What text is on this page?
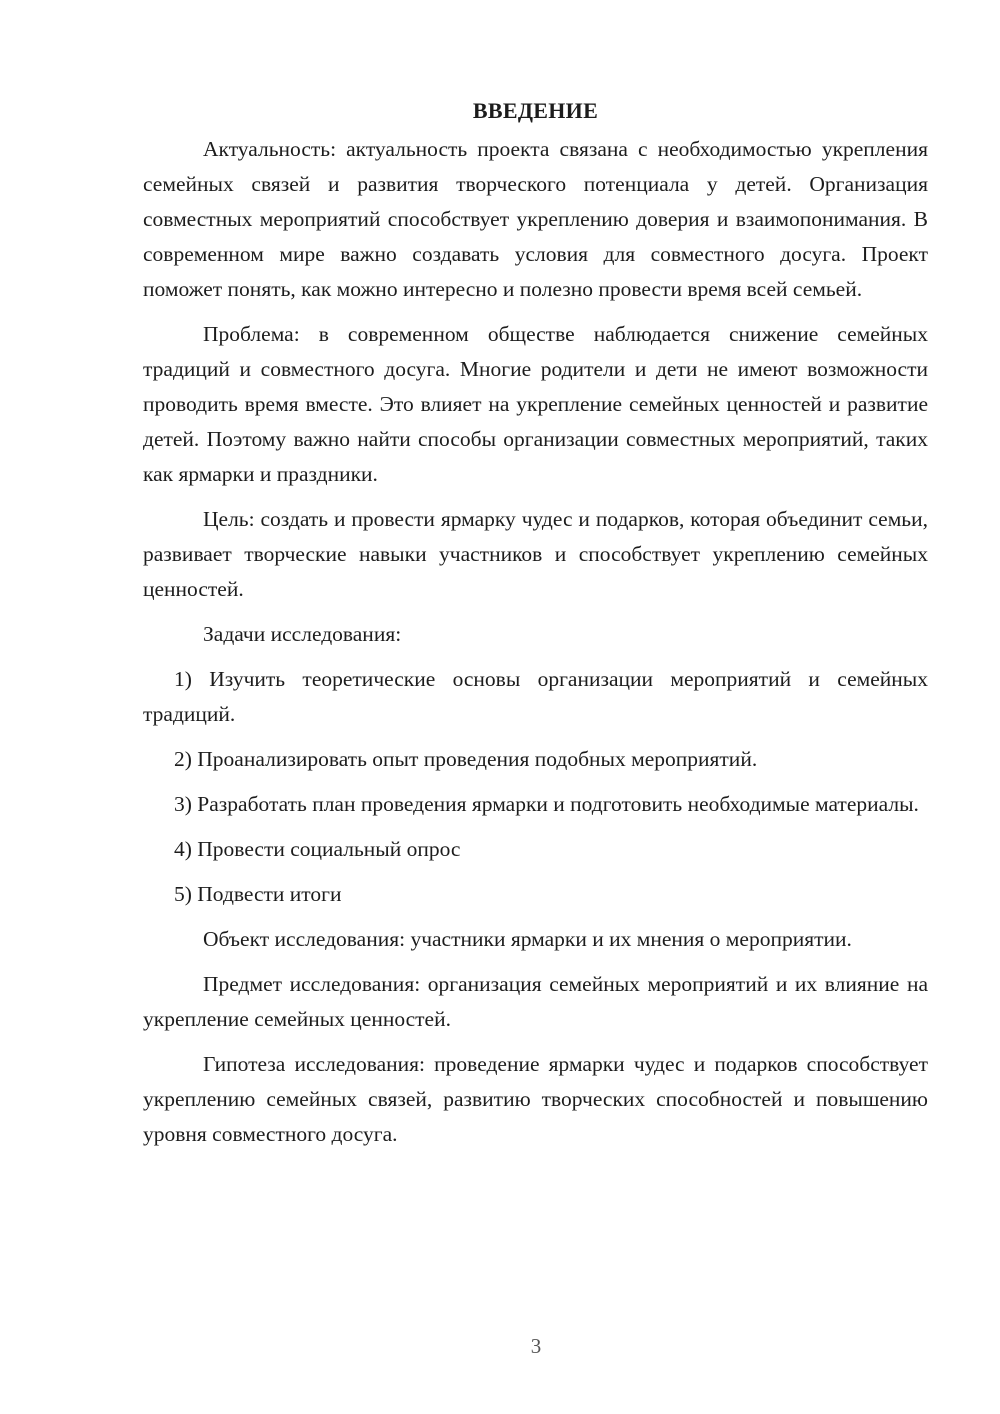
ВВЕДЕНИЕ

Актуальность: актуальность проекта связана с необходимостью укрепления семейных связей и развития творческого потенциала у детей. Организация совместных мероприятий способствует укреплению доверия и взаимопонимания. В современном мире важно создавать условия для совместного досуга. Проект поможет понять, как можно интересно и полезно провести время всей семьей.

Проблема: в современном обществе наблюдается снижение семейных традиций и совместного досуга. Многие родители и дети не имеют возможности проводить время вместе. Это влияет на укрепление семейных ценностей и развитие детей. Поэтому важно найти способы организации совместных мероприятий, таких как ярмарки и праздники.

Цель: создать и провести ярмарку чудес и подарков, которая объединит семьи, развивает творческие навыки участников и способствует укреплению семейных ценностей.

Задачи исследования:

1) Изучить теоретические основы организации мероприятий и семейных традиций.

2) Проанализировать опыт проведения подобных мероприятий.

3) Разработать план проведения ярмарки и подготовить необходимые материалы.

4) Провести социальный опрос

5) Подвести итоги

Объект исследования: участники ярмарки и их мнения о мероприятии.

Предмет исследования: организация семейных мероприятий и их влияние на укрепление семейных ценностей.

Гипотеза исследования: проведение ярмарки чудес и подарков способствует укреплению семейных связей, развитию творческих способностей и повышению уровня совместного досуга.

3
